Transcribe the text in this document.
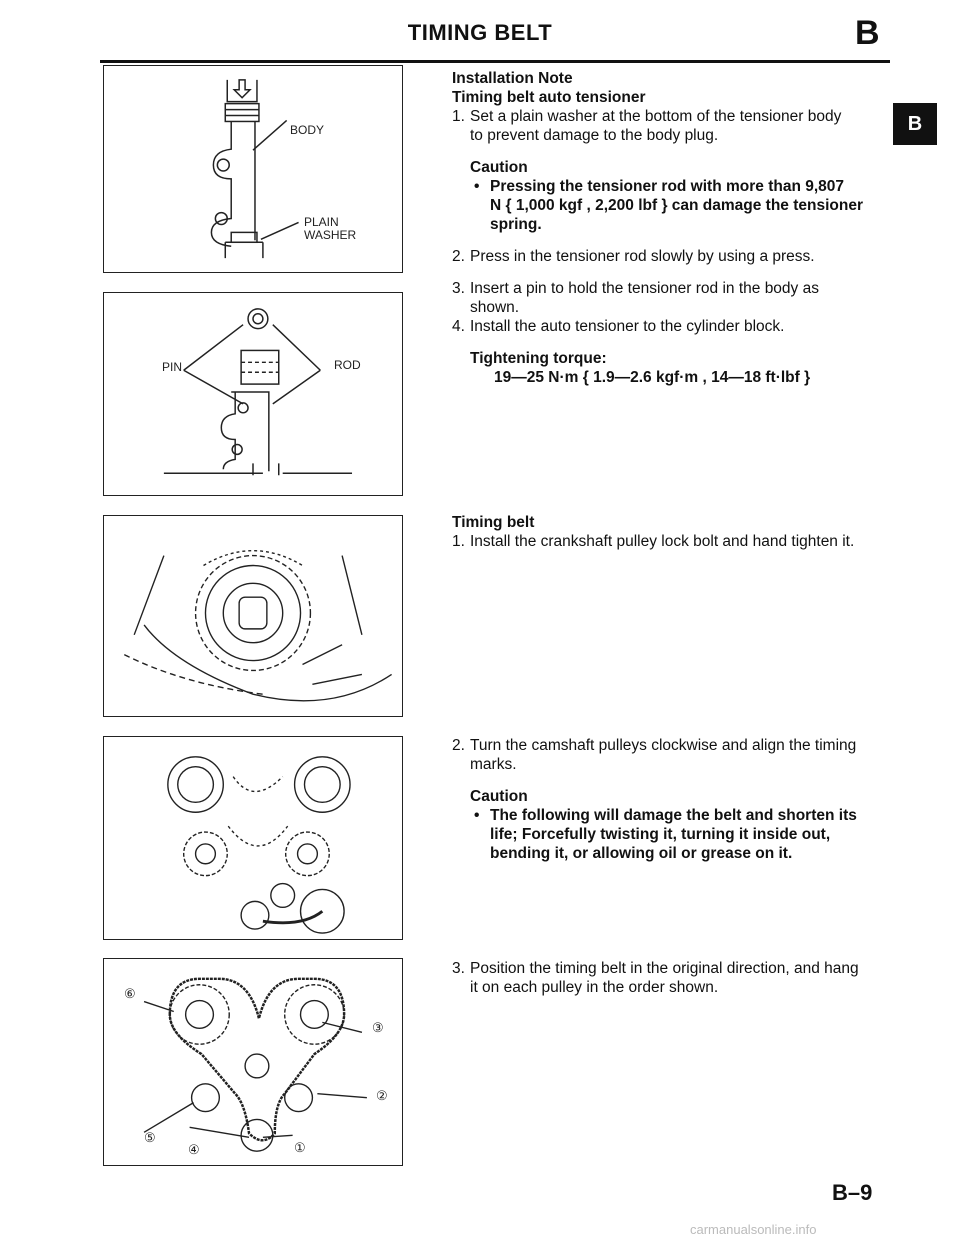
TIMING BELT	B
B
BODY
PLAIN
WASHER
PIN	ROD
⑥
③
⑤
②
④	①

Installation Note

Timing belt auto tensioner

1. Set a plain washer at the bottom of the tensioner body

to prevent damage to the body plug.

Caution

• Pressing the tensioner rod with more than 9,807

N { 1,000 kgf , 2,200 lbf } can damage the tensioner

spring.

2. Press in the tensioner rod slowly by using a press.

3. Insert a pin to hold the tensioner rod in the body as

shown.

4. Install the auto tensioner to the cylinder block.

Tightening torque:

19—25 N·m { 1.9—2.6 kgf·m , 14—18 ft·lbf }

Timing belt

1. Install the crankshaft pulley lock bolt and hand tighten it.

2. Turn the camshaft pulleys clockwise and align the timing

marks.

Caution

• The following will damage the belt and shorten its

life; Forcefully twisting it, turning it inside out,

bending it, or allowing oil or grease on it.

3. Position the timing belt in the original direction, and hang

it on each pulley in the order shown.

B–9
carmanualsonline.info
